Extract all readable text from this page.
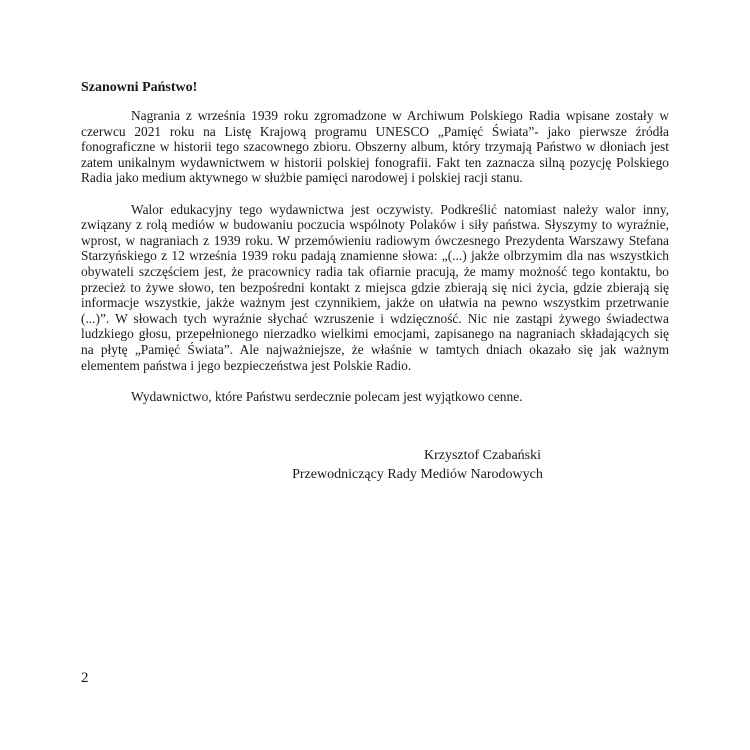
Szanowni Państwo!

Nagrania z września 1939 roku zgromadzone w Archiwum Polskiego Radia wpisane zostały w czerwcu 2021 roku na Listę Krajową programu UNESCO „Pamięć Świata”- jako pierwsze źródła fonograficzne w historii tego szacownego zbioru. Obszerny album, który trzymają Państwo w dłoniach jest zatem unikalnym wydawnictwem w historii polskiej fonografii. Fakt ten zaznacza silną pozycję Polskiego Radia jako medium aktywnego w służbie pamięci narodowej i polskiej racji stanu.

Walor edukacyjny tego wydawnictwa jest oczywisty. Podkreślić natomiast należy walor inny, związany z rolą mediów w budowaniu poczucia wspólnoty Polaków i siły państwa. Słyszymy to wyraźnie, wprost, w nagraniach z 1939 roku. W przemówieniu radiowym ówczesnego Prezydenta Warszawy Stefana Starzyńskiego z 12 września 1939 roku padają znamienne słowa: „(...) jakże olbrzymim dla nas wszystkich obywateli szczęściem jest, że pracownicy radia tak ofiarnie pracują, że mamy możność tego kontaktu, bo przecież to żywe słowo, ten bezpośredni kontakt z miejsca gdzie zbierają się nici życia, gdzie zbierają się informacje wszystkie, jakże ważnym jest czynnikiem, jakże on ułatwia na pewno wszystkim przetrwanie (...)”. W słowach tych wyraźnie słychać wzruszenie i wdzięczność. Nic nie zastąpi żywego świadectwa ludzkiego głosu, przepełnionego nierzadko wielkimi emocjami, zapisanego na nagraniach składających się na płytę „Pamięć Świata”. Ale najważniejsze, że właśnie w tamtych dniach okazało się jak ważnym elementem państwa i jego bezpieczeństwa jest Polskie Radio.

Wydawnictwo, które Państwu serdecznie polecam jest wyjątkowo cenne.

Krzysztof Czabański
Przewodniczący Rady Mediów Narodowych
2
